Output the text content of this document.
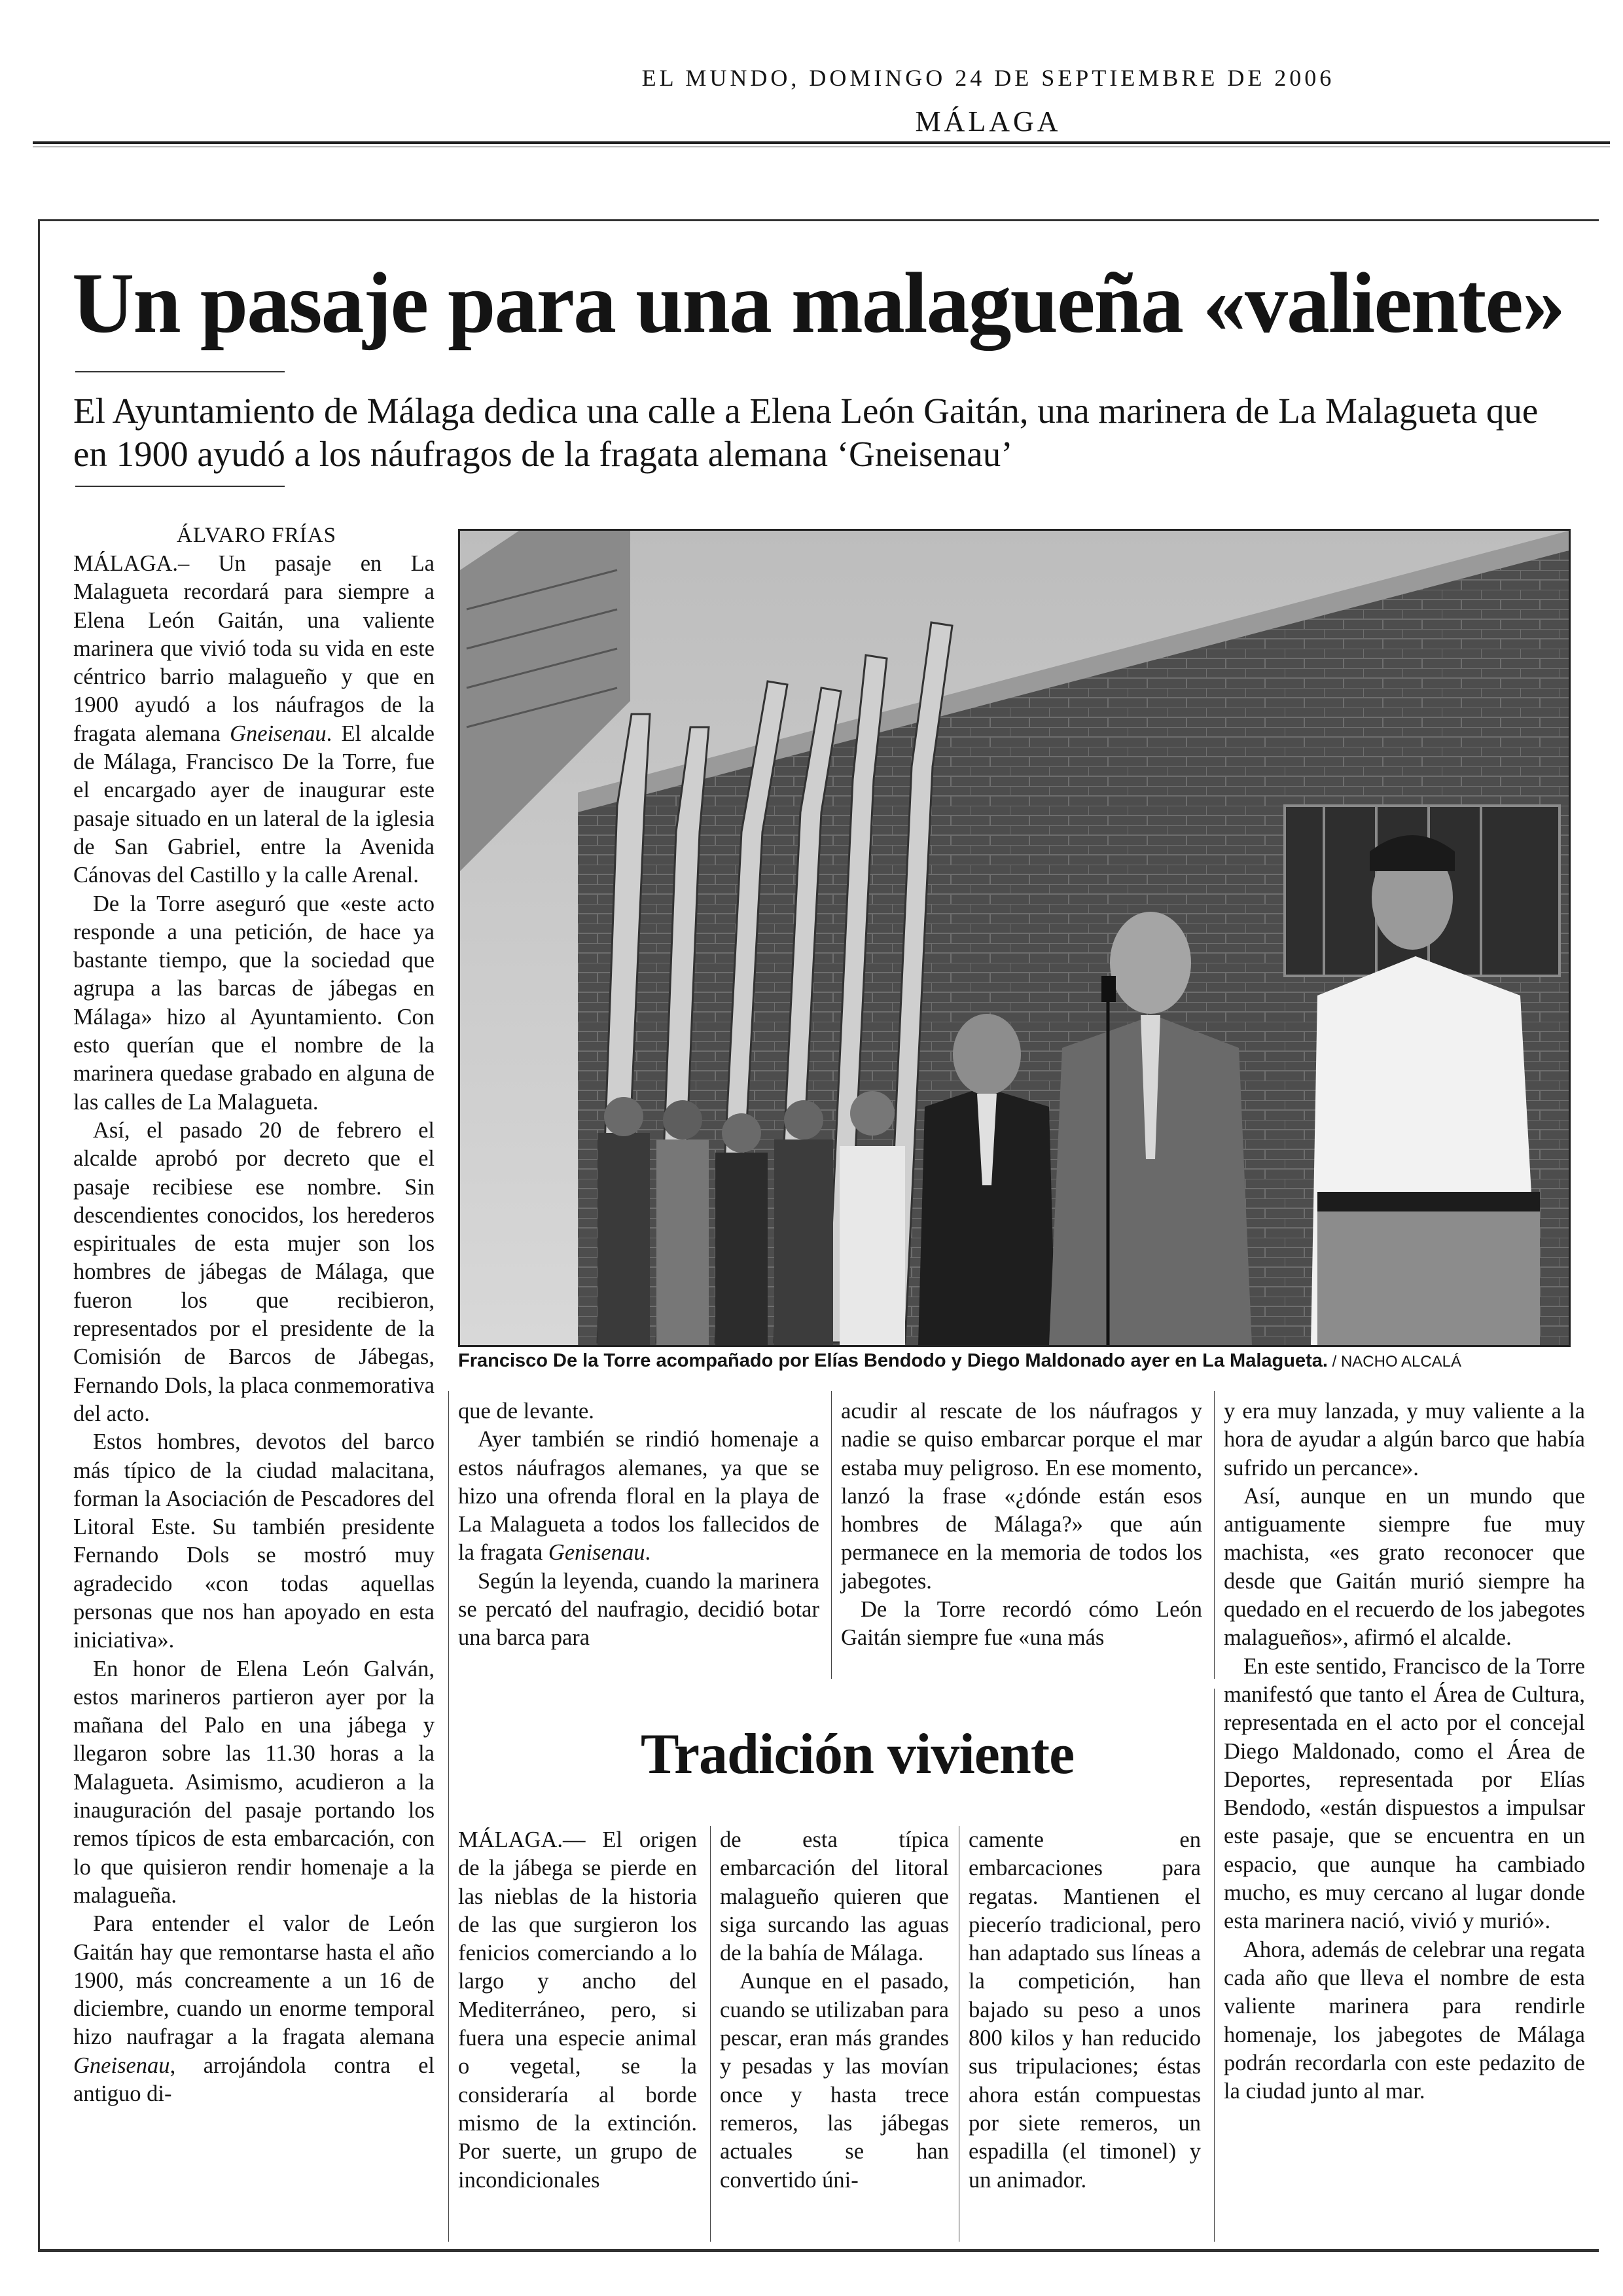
EL MUNDO, DOMINGO 24 DE SEPTIEMBRE DE 2006
MÁLAGA
Un pasaje para una malagueña «valiente»
El Ayuntamiento de Málaga dedica una calle a Elena León Gaitán, una marinera de La Malagueta que en 1900 ayudó a los náufragos de la fragata alemana ‘Gneisenau’
ÁLVARO FRÍAS

MÁLAGA.– Un pasaje en La Malagueta recordará para siempre a Elena León Gaitán, una valiente marinera que vivió toda su vida en este céntrico barrio malagueño y que en 1900 ayudó a los náufragos de la fragata alemana Gneisenau. El alcalde de Málaga, Francisco De la Torre, fue el encargado ayer de inaugurar este pasaje situado en un lateral de la iglesia de San Gabriel, entre la Avenida Cánovas del Castillo y la calle Arenal.

De la Torre aseguró que «este acto responde a una petición, de hace ya bastante tiempo, que la sociedad que agrupa a las barcas de jábegas en Málaga» hizo al Ayuntamiento. Con esto querían que el nombre de la marinera quedase grabado en alguna de las calles de La Malagueta.

Así, el pasado 20 de febrero el alcalde aprobó por decreto que el pasaje recibiese ese nombre. Sin descendientes conocidos, los herederos espirituales de esta mujer son los hombres de jábegas de Málaga, que fueron los que recibieron, representados por el presidente de la Comisión de Barcos de Jábegas, Fernando Dols, la placa conmemorativa del acto.

Estos hombres, devotos del barco más típico de la ciudad malacitana, forman la Asociación de Pescadores del Litoral Este. Su también presidente Fernando Dols se mostró muy agradecido «con todas aquellas personas que nos han apoyado en esta iniciativa».

En honor de Elena León Galván, estos marineros partieron ayer por la mañana del Palo en una jábega y llegaron sobre las 11.30 horas a la Malagueta. Asimismo, acudieron a la inauguración del pasaje portando los remos típicos de esta embarcación, con lo que quisieron rendir homenaje a la malagueña.

Para entender el valor de León Gaitán hay que remontarse hasta el año 1900, más concreamente a un 16 de diciembre, cuando un enorme temporal hizo naufragar a la fragata alemana Gneisenau, arrojándola contra el antiguo di-

Francisco De la Torre acompañado por Elías Bendodo y Diego Maldonado ayer en La Malagueta. / NACHO ALCALÁ

que de levante.

Ayer también se rindió homenaje a estos náufragos alemanes, ya que se hizo una ofrenda floral en la playa de La Malagueta a todos los fallecidos de la fragata Genisenau.

Según la leyenda, cuando la marinera se percató del naufragio, decidió botar una barca para

acudir al rescate de los náufragos y nadie se quiso embarcar porque el mar estaba muy peligroso. En ese momento, lanzó la frase «¿dónde están esos hombres de Málaga?» que aún permanece en la memoria de todos los jabegotes.

De la Torre recordó cómo León Gaitán siempre fue «una más

y era muy lanzada, y muy valiente a la hora de ayudar a algún barco que había sufrido un percance».

Así, aunque en un mundo que antiguamente siempre fue muy machista, «es grato reconocer que desde que Gaitán murió siempre ha quedado en el recuerdo de los jabegotes malagueños», afirmó el alcalde.

En este sentido, Francisco de la Torre manifestó que tanto el Área de Cultura, representada en el acto por el concejal Diego Maldonado, como el Área de Deportes, representada por Elías Bendodo, «están dispuestos a impulsar este pasaje, que se encuentra en un espacio, que aunque ha cambiado mucho, es muy cercano al lugar donde esta marinera nació, vivió y murió».

Ahora, además de celebrar una regata cada año que lleva el nombre de esta valiente marinera para rendirle homenaje, los jabegotes de Málaga podrán recordarla con este pedazito de la ciudad junto al mar.

Tradición viviente

MÁLAGA.— El origen de la jábega se pierde en las nieblas de la historia de las que surgieron los fenicios comerciando a lo largo y ancho del Mediterráneo, pero, si fuera una especie animal o vegetal, se la consideraría al borde mismo de la extinción. Por suerte, un grupo de incondicionales

de esta típica embarcación del litoral malagueño quieren que siga surcando las aguas de la bahía de Málaga.

Aunque en el pasado, cuando se utilizaban para pescar, eran más grandes y pesadas y las movían once y hasta trece remeros, las jábegas actuales se han convertido úni-

camente en embarcaciones para regatas. Mantienen el pieceríо tradicional, pero han adaptado sus líneas a la competición, han bajado su peso a unos 800 kilos y han reducido sus tripulaciones; éstas ahora están compuestas por siete remeros, un espadilla (el timonel) y un animador.
